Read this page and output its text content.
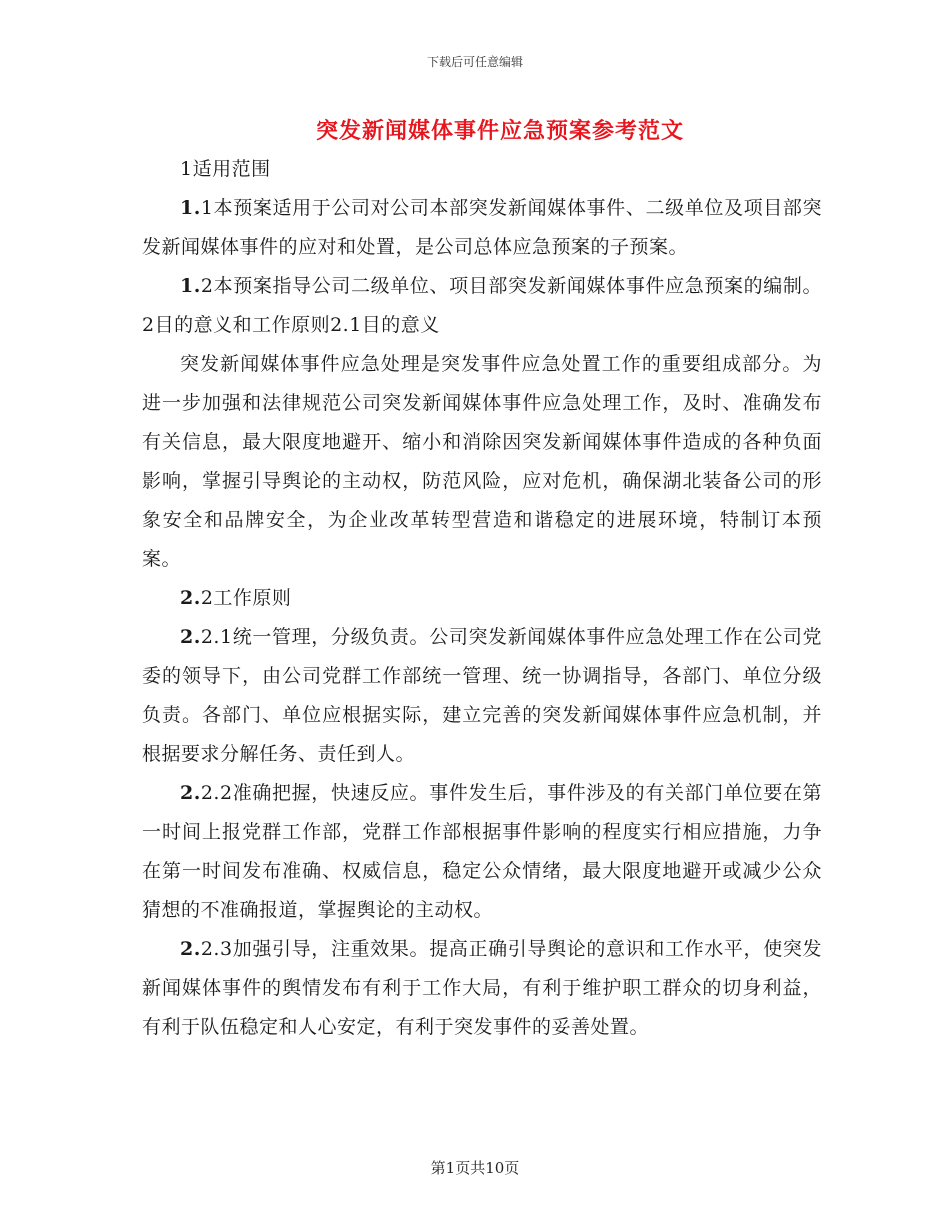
下载后可任意编辑
突发新闻媒体事件应急预案参考范文

1适用范围

1.1本预案适用于公司对公司本部突发新闻媒体事件、二级单位及项目部突发新闻媒体事件的应对和处置，是公司总体应急预案的子预案。

1.2本预案指导公司二级单位、项目部突发新闻媒体事件应急预案的编制。2目的意义和工作原则2.1目的意义

突发新闻媒体事件应急处理是突发事件应急处置工作的重要组成部分。为进一步加强和法律规范公司突发新闻媒体事件应急处理工作，及时、准确发布有关信息，最大限度地避开、缩小和消除因突发新闻媒体事件造成的各种负面影响，掌握引导舆论的主动权，防范风险，应对危机，确保湖北装备公司的形象安全和品牌安全，为企业改革转型营造和谐稳定的进展环境，特制订本预案。

2.2工作原则

2.2.1统一管理，分级负责。公司突发新闻媒体事件应急处理工作在公司党委的领导下，由公司党群工作部统一管理、统一协调指导，各部门、单位分级负责。各部门、单位应根据实际，建立完善的突发新闻媒体事件应急机制，并根据要求分解任务、责任到人。

2.2.2准确把握，快速反应。事件发生后，事件涉及的有关部门单位要在第一时间上报党群工作部，党群工作部根据事件影响的程度实行相应措施，力争在第一时间发布准确、权威信息，稳定公众情绪，最大限度地避开或减少公众猜想的不准确报道，掌握舆论的主动权。

2.2.3加强引导，注重效果。提高正确引导舆论的意识和工作水平，使突发新闻媒体事件的舆情发布有利于工作大局，有利于维护职工群众的切身利益，有利于队伍稳定和人心安定，有利于突发事件的妥善处置。

第1页共10页
